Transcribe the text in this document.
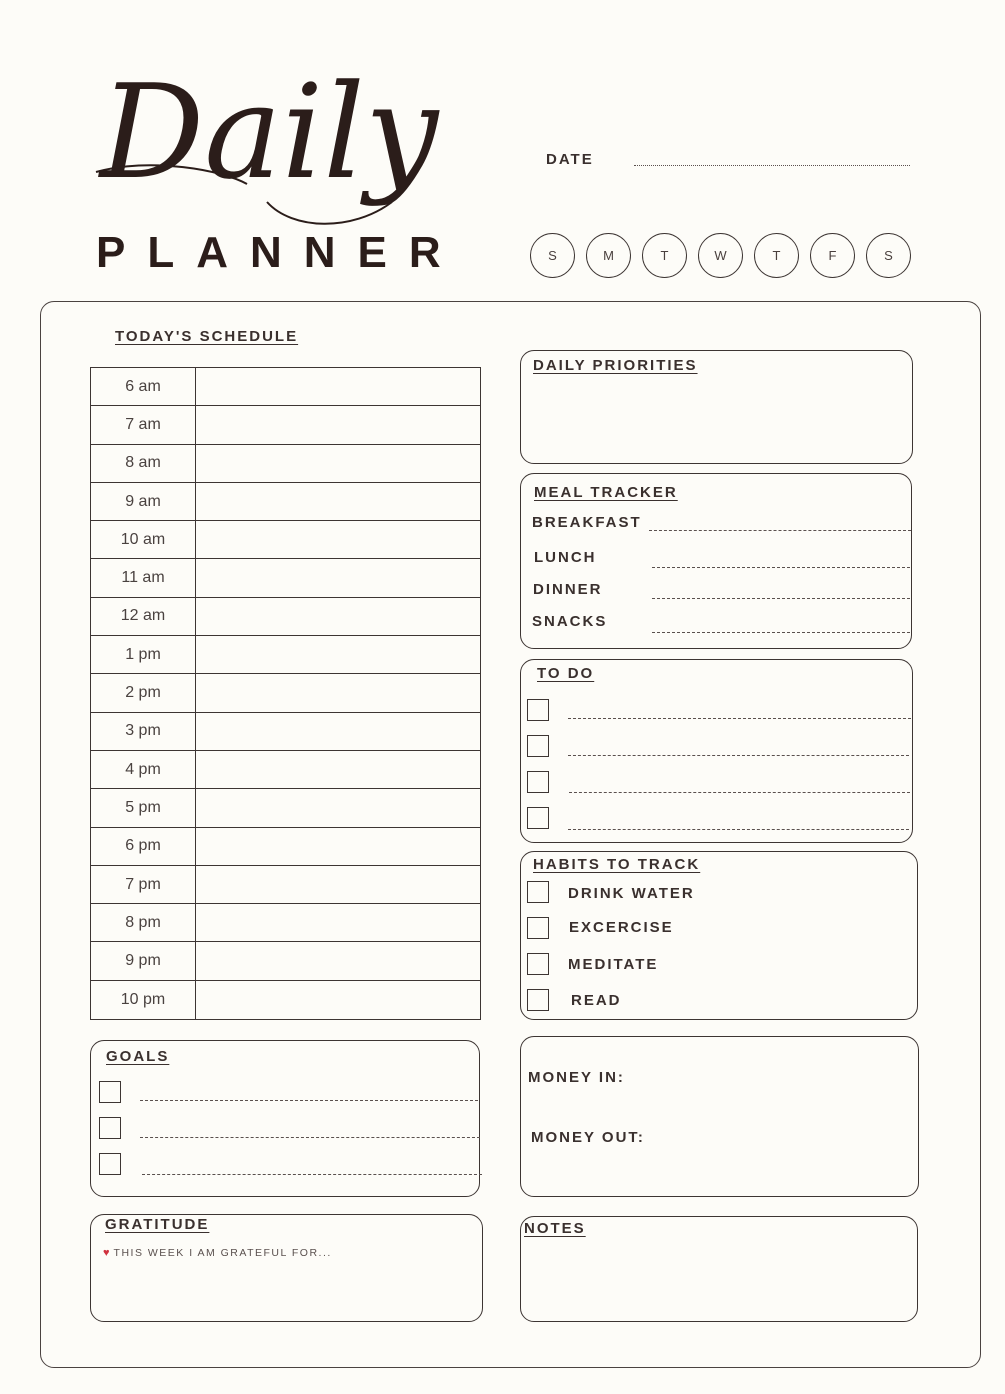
Daily
PLANNER
DATE
S	M	T	W	T	F	S
TODAY'S SCHEDULE
6 am
7 am
8 am
9 am
10 am
11 am
12 am
1 pm
2 pm
3 pm
4 pm
5 pm
6 pm
7 pm
8 pm
9 pm
10 pm
DAILY PRIORITIES
MEAL TRACKER
BREAKFAST
LUNCH
DINNER
SNACKS
TO DO
HABITS TO TRACK
DRINK WATER
EXCERCISE
MEDITATE
READ
GOALS
GRATITUDE
♥ THIS WEEK I AM GRATEFUL FOR...
MONEY IN:
MONEY OUT:
NOTES
